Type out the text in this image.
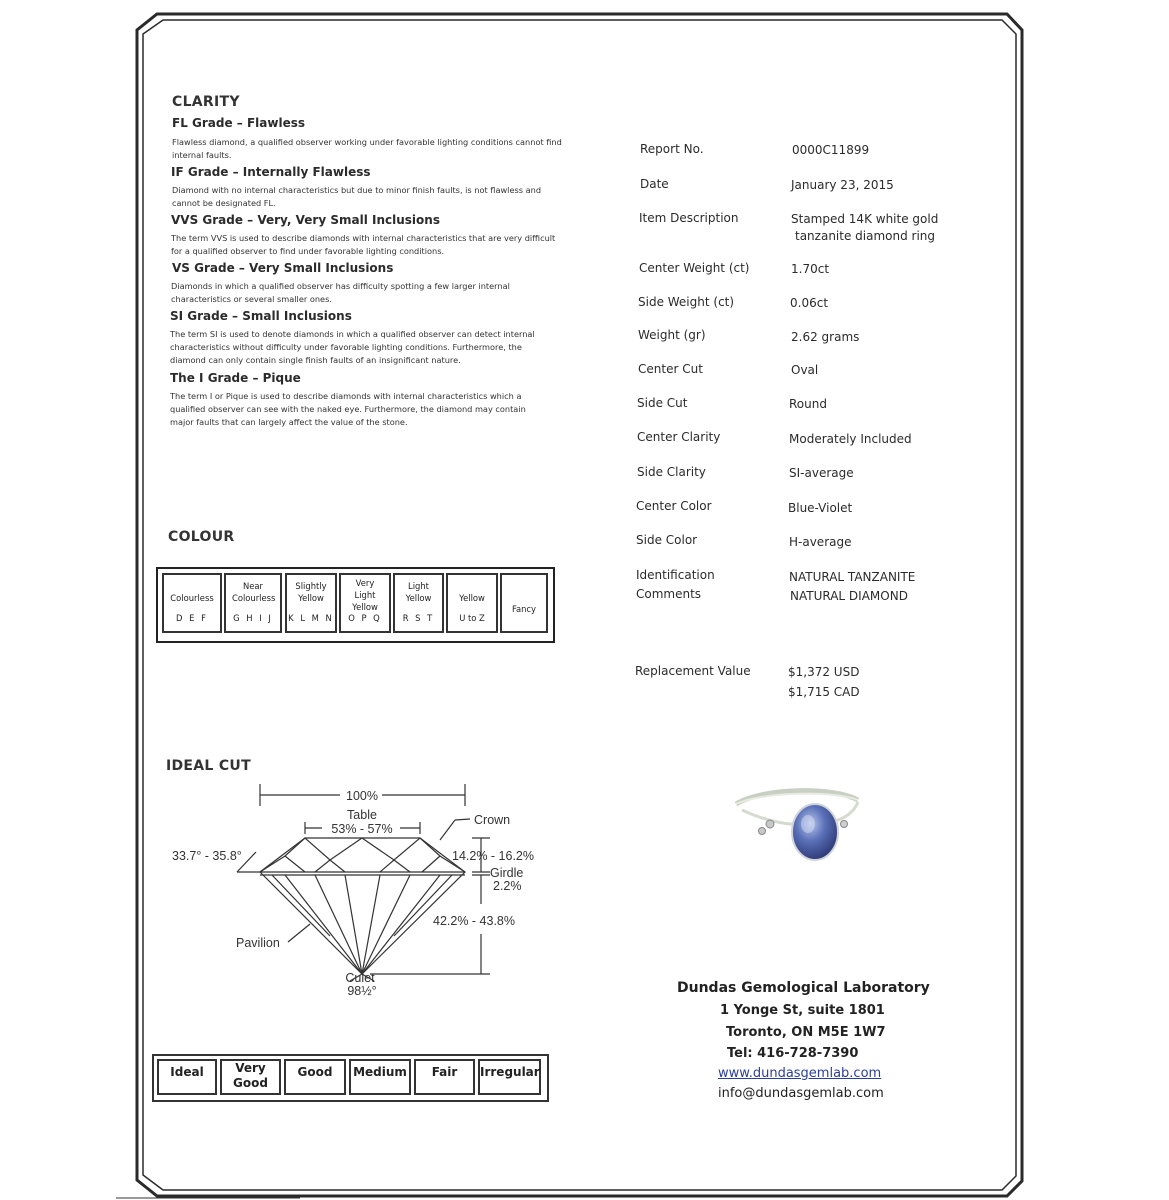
CLARITY
FL Grade – Flawless
Flawless diamond, a qualified observer working under favorable lighting conditions cannot find internal faults.
IF Grade – Internally Flawless
Diamond with no internal characteristics but due to minor finish faults, is not flawless and cannot be designated FL.
VVS Grade – Very, Very Small Inclusions
The term VVS is used to describe diamonds with internal characteristics that are very difficult for a qualified observer to find under favorable lighting conditions.
VS Grade – Very Small Inclusions
Diamonds in which a qualified observer has difficulty spotting a few larger internal characteristics or several smaller ones.
SI Grade – Small Inclusions
The term SI is used to denote diamonds in which a qualified observer can detect internal characteristics without difficulty under favorable lighting conditions. Furthermore, the diamond can only contain single finish faults of an insignificant nature.
The I Grade – Pique
The term I or Pique is used to describe diamonds with internal characteristics which a qualified observer can see with the naked eye. Furthermore, the diamond may contain major faults that can largely affect the value of the stone.
COLOUR
Colourless
D E F
Near Colourless
G H I J
Slightly Yellow
K L M N
Very Light Yellow
O P Q
Light Yellow
R S T
Yellow
U to Z
Fancy
IDEAL CUT
100%
Table
53% - 57%
Crown
33.7° - 35.8°	14.2% - 16.2%
Girdle
2.2%
42.2% - 43.8%
Pavilion
Culet
98½°
Ideal	Very Good
Good	Medium	Fair	Irregular
Report No.	0000C11899
Date	January 23, 2015
Item Description	Stamped 14K white gold
tanzanite diamond ring
Center Weight (ct)	1.70ct
Side Weight (ct)	0.06ct
Weight (gr)	2.62 grams
Center Cut	Oval
Side Cut	Round
Center Clarity	Moderately Included
Side Clarity	SI-average
Center Color	Blue-Violet
Side Color	H-average
Identification	NATURAL TANZANITE
Comments	NATURAL DIAMOND
Replacement Value	$1,372 USD
$1,715 CAD
Dundas Gemological Laboratory
1 Yonge St, suite 1801
Toronto, ON M5E 1W7
Tel: 416-728-7390
www.dundasgemlab.com
info@dundasgemlab.com
